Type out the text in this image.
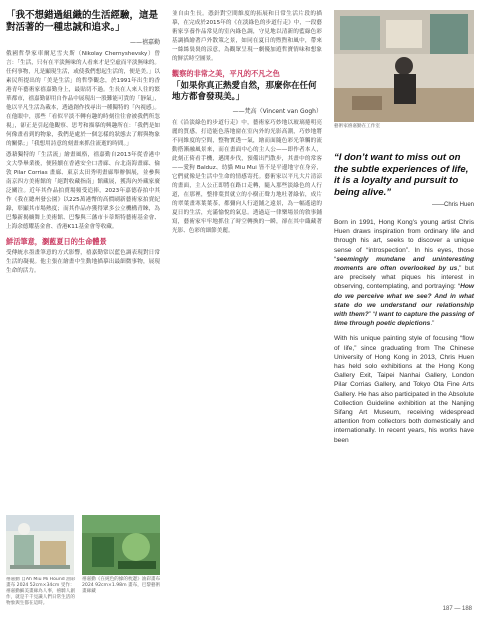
「我不想錯過組織的生活經驗，這是對活著的一種忠誠和追求。」

——禧嘉勤

俄國哲學家車爾尼雪夫斯（Nikolay Chernyshevsky）曾言：「生活，只有在平淡無味的人看來才是空虛而平淡無味的。任何事物，凡是顯現生活，或使我們想起生活的，便是美。」以素民所提出的「美是生活」的哲學觀念，於1991年出生的香港青年藝術家禧嘉勤身上，最貼切不過。生長在人來人往的繁華都市，禧嘉勤卻用自作品中展現出一股難能可貴的「靜氣」，他以平凡生活為載本，透過創作找尋出一種獨特的「內視感」。在他眼中，那些「看似平淡不轉有趣的時刻往往會被我們所忽視」，卻正是引起他觀察、思考和描摹的興趣所在：「我們是如何像畫看到的物象，我們是處於一個怎樣的狀態去了解與物象的關係；」「我想用詩意的刻畫來抓住流逝的時間。」

憑藉獨特的「生活流」繪畫風格，禧嘉勤自2013年從香港中文大學畢業後，便陸續在香港安全口書廊、台北南海畫廊、倫敦 Pilar Corrias 畫廊、東京太田秀明畫廊舉辦個展，並參與南京四方美術館的「絕對收藏指南」館藏展，獲海內外藏家廣泛關注。近年其作品拍賣場頻受追捧，2023年嘉德春拍中其作《我在總州發公園》以225萬港幣的高價刷新藝術家拍賣紀錄，彰顯其市場熱度；而其作品亦獲得眾多公立機構青睞，為巴黎新揭櫥舞上美術館、巴黎與三藩市卡蒂斯特藝術基金會、上海余德耀基金會、香港K11基金會等收藏。

鮮活筆意，瀏藍夏日的生命體景

受傳統水墨畫筆意的方式影響，禧嘉勤常以藍色調表現對日常生活的凝視。他主張在繪畫中生動地描摹出最細微事物，展現生命的活力。

禧嘉勤 自Ah Miu Mi Hound 油彩畫布 2024 52cm×34cm 受作：禧嘉勤細美畫廊為人事，禧騎人創作，就是千千見識人們日常生活的物象與生都在這時。

禧嘉勤《在純色的綠的枕邊》油彩畫布 2024 92cm×1.98m 畫布，巴黎藝術畫廊藏

並自由生長。憑針對空間維度的拓展和日常生活片段的描摹，在完成於2015年的《在淡綠色的步道行走》中，一段藝術家享養作品常見的室內綠色調，守見地以清新的藍綠色彩基調描繪著戶外散策之景，如同在夏日的煦煦和風中，帶來一絲絲裊裊的涼意，為觀眾呈現一劇優加遊哲寶情味和想象的鮮活時空圖景。

觀察的非常之美，平凡的不凡之色

「如果你真正熱愛自然，那麼你在任何地方都會發現美。」

——梵高（Vincent van Gogh）

在《沿淡綠色的步道行走》中，藝術家巧妙地以玻璃捲明亮麗的質感，打造能色落地窗在室內外的光影高潮，巧妙地將不同維度的空間，整物實透一氣，繪而面隨色彩光筆觸的流動搭漸融風景來，而在畫面中心的主人公——即作者本人，此刻正倚看手機，邁開步伐，預備出門散步，其畫中的常客——愛狗 Balduz、幼貓 Miu Mui 皆不是平邊地守在身旁，它們就像是生活中生命的情感寄托。藝術家以平凡大片清涼的畫面，主人公正即將在路口走轉，隨入那些淡綠色的人行道，在那裡，整排葉貫就立的小樹正聲力地吐著綠佑，成片的翠葉畫寒葉葉茶，都彌向人行道鋪之遠景，為一幅遙遠的夏日的生活，充滿愉悅的氣息。透過這一律樂場景的敘事鋪寫，藝術家牢牢地抓住了時空轉換的一瞬，卻在其中織藏著光影、色彩的細節美麗。

藝術家禧嘉勤在工作室

“I don’t want to miss out on the subtle experiences of life, it is a loyalty and pursuit to being alive.”

——Chris Huen

Born in 1991, Hong Kong’s young artist Chris Huen draws inspiration from ordinary life and through his art, seeks to discover a unique sense of “introspection”. In his eyes, those “seemingly mundane and uninteresting moments are often overlooked by us,” but are precisely what piques his interest in observing, contemplating, and portraying: “How do we perceive what we see? And in what state do we understand our relationship with them?” “I want to capture the passing of time through poetic depictions.”

With his unique painting style of focusing “flow of life,” since graduating from The Chinese University of Hong Kong in 2013, Chris Huen has held solo exhibitions at the Hong Kong Gallery Exit, Taipei Nanhai Gallery, London Pilar Corrias Gallery, and Tokyo Ota Fine Arts Gallery. He has also participated in the Absolute Collection Guideline exhibition at the Nanjing Sifang Art Museum, receiving widespread attention from collectors both domestically and internationally. In recent years, his works have been

187 — 188
